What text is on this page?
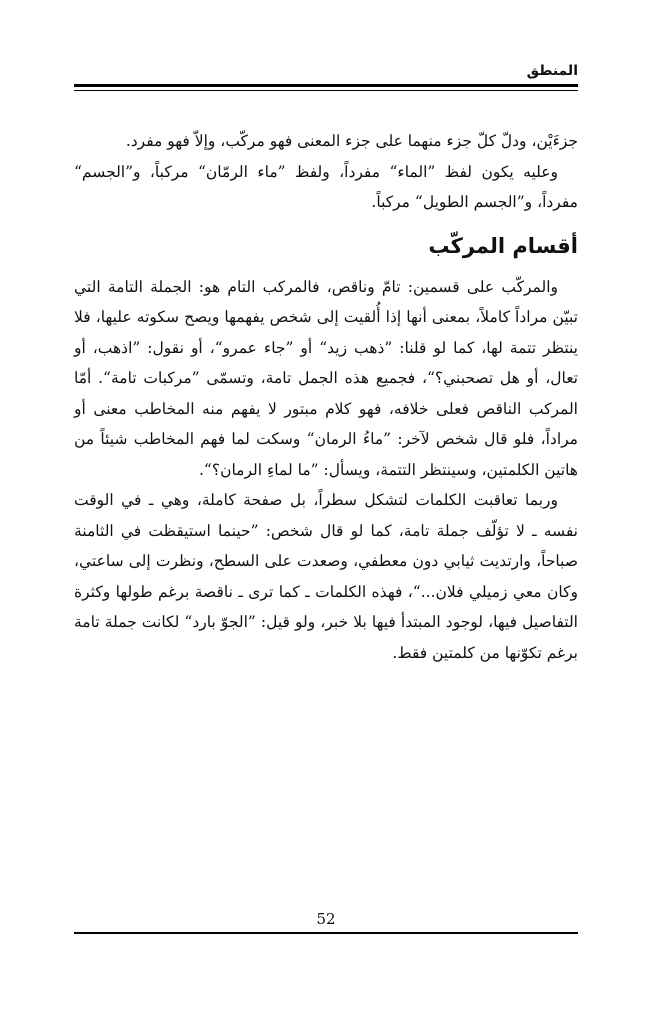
المنطق

جزءَيْن، ودلّ كلّ جزء منهما على جزء المعنى فهو مركّب، وإلاّ فهو مفرد.

وعليه يكون لفظ ”الماء“ مفرداً، ولفظ ”ماء الرمّان“ مركباً، و”الجسم“ مفرداً، و”الجسم الطويل“ مركباً.

أقسام المركّب

والمركّب على قسمين: تامّ وناقص، فالمركب التام هو: الجملة التامة التي تبيّن مراداً كاملاً، بمعنى أنها إذا أُلقيت إلى شخص يفهمها ويصح سكوته عليها، فلا ينتظر تتمة لها، كما لو قلنا: ”ذهب زيد“ أو ”جاء عمرو“، أو نقول: ”اذهب، أو تعال، أو هل تصحبني؟“، فجميع هذه الجمل تامة، وتسمّى ”مركبات تامة“. أمّا المركب الناقص فعلى خلافه، فهو كلام مبتور لا يفهم منه المخاطب معنى أو مراداً، فلو قال شخص لآخر: ”ماءُ الرمان“ وسكت لما فهم المخاطب شيئاً من هاتين الكلمتين، وسينتظر التتمة، ويسأل: ”ما لماءِ الرمان؟“.

وربما تعاقبت الكلمات لتشكل سطراً، بل صفحة كاملة، وهي ـ في الوقت نفسه ـ لا تؤلّف جملة تامة، كما لو قال شخص: ”حينما استيقظت في الثامنة صباحاً، وارتديت ثيابي دون معطفي، وصعدت على السطح، ونظرت إلى ساعتي، وكان معي زميلي فلان...“، فهذه الكلمات ـ كما ترى ـ ناقصة برغم طولها وكثرة التفاصيل فيها، لوجود المبتدأ فيها بلا خبر، ولو قيل: ”الجوّ بارد“ لكانت جملة تامة برغم تكوّنها من كلمتين فقط.

52
